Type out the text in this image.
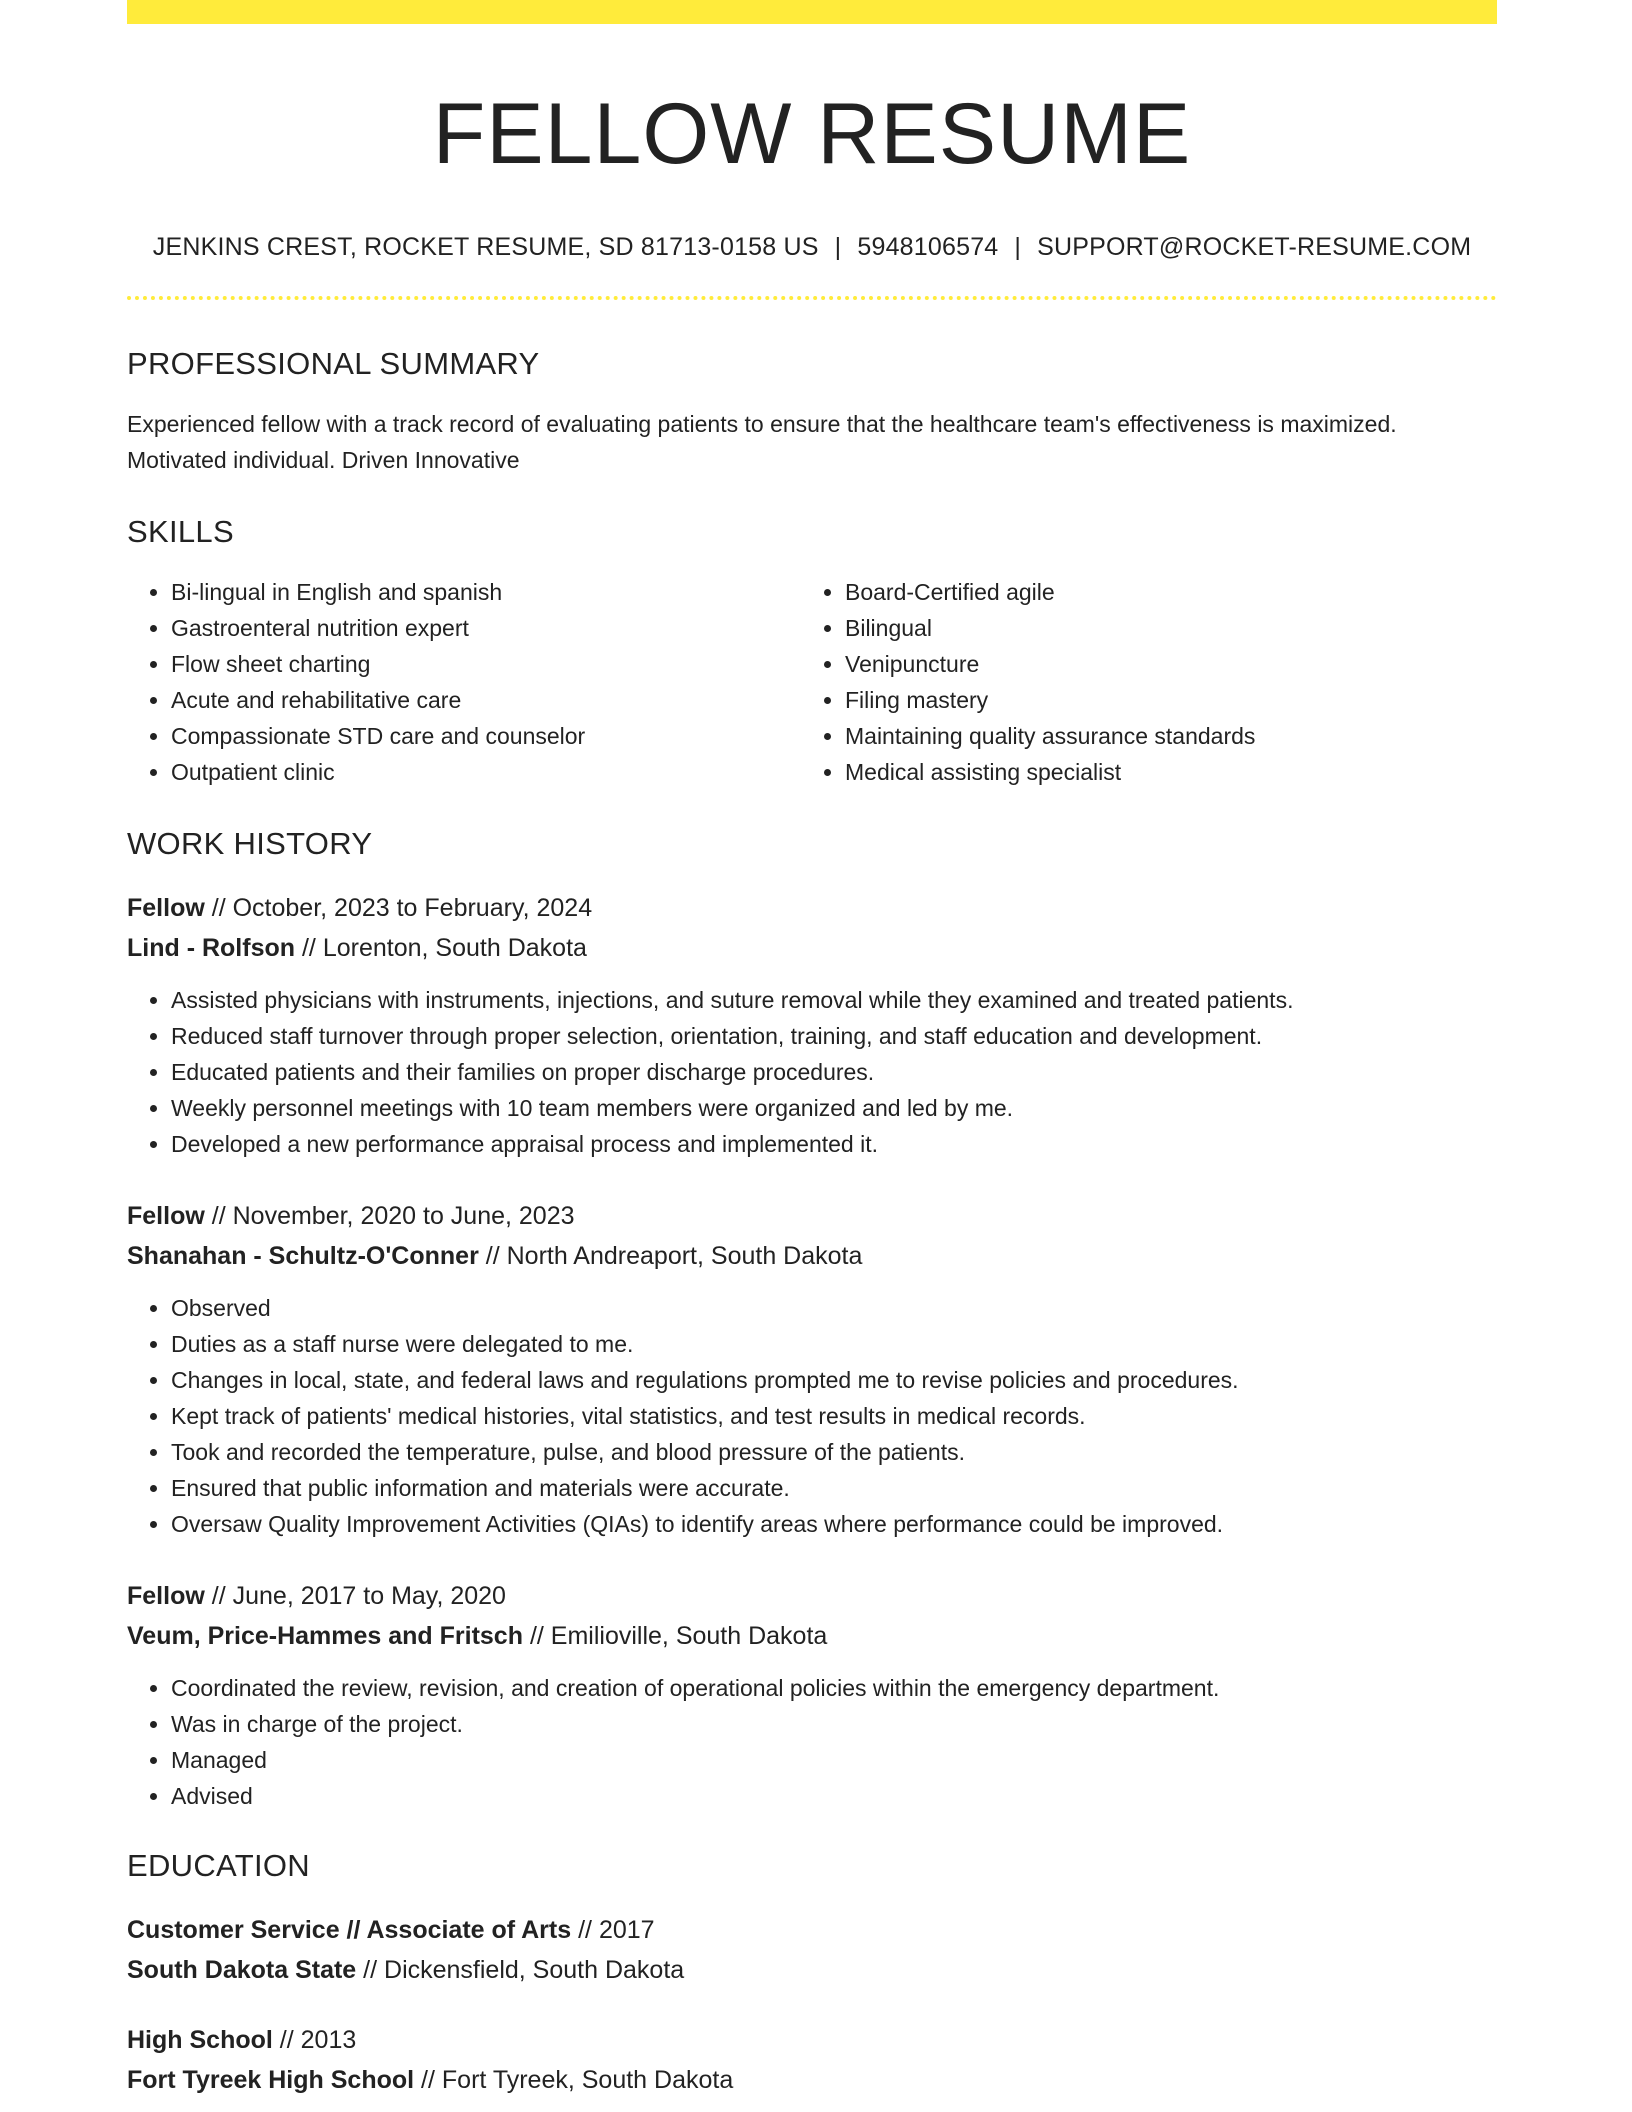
FELLOW RESUME
JENKINS CREST, ROCKET RESUME, SD 81713-0158 US | 5948106574 | SUPPORT@ROCKET-RESUME.COM
PROFESSIONAL SUMMARY

Experienced fellow with a track record of evaluating patients to ensure that the healthcare team's effectiveness is maximized. Motivated individual. Driven Innovative

SKILLS
• Bi-lingual in English and spanish
• Gastroenteral nutrition expert
• Flow sheet charting
• Acute and rehabilitative care
• Compassionate STD care and counselor
• Outpatient clinic
• Board-Certified agile
• Bilingual
• Venipuncture
• Filing mastery
• Maintaining quality assurance standards
• Medical assisting specialist
WORK HISTORY

Fellow // October, 2023 to February, 2024

Lind - Rolfson // Lorenton, South Dakota

• Assisted physicians with instruments, injections, and suture removal while they examined and treated patients.
• Reduced staff turnover through proper selection, orientation, training, and staff education and development.
• Educated patients and their families on proper discharge procedures.
• Weekly personnel meetings with 10 team members were organized and led by me.
• Developed a new performance appraisal process and implemented it.

Fellow // November, 2020 to June, 2023

Shanahan - Schultz-O'Conner // North Andreaport, South Dakota

• Observed
• Duties as a staff nurse were delegated to me.
• Changes in local, state, and federal laws and regulations prompted me to revise policies and procedures.
• Kept track of patients' medical histories, vital statistics, and test results in medical records.
• Took and recorded the temperature, pulse, and blood pressure of the patients.
• Ensured that public information and materials were accurate.
• Oversaw Quality Improvement Activities (QIAs) to identify areas where performance could be improved.

Fellow // June, 2017 to May, 2020

Veum, Price-Hammes and Fritsch // Emilioville, South Dakota

• Coordinated the review, revision, and creation of operational policies within the emergency department.
• Was in charge of the project.
• Managed
• Advised
EDUCATION

Customer Service // Associate of Arts // 2017

South Dakota State // Dickensfield, South Dakota

High School // 2013

Fort Tyreek High School // Fort Tyreek, South Dakota
